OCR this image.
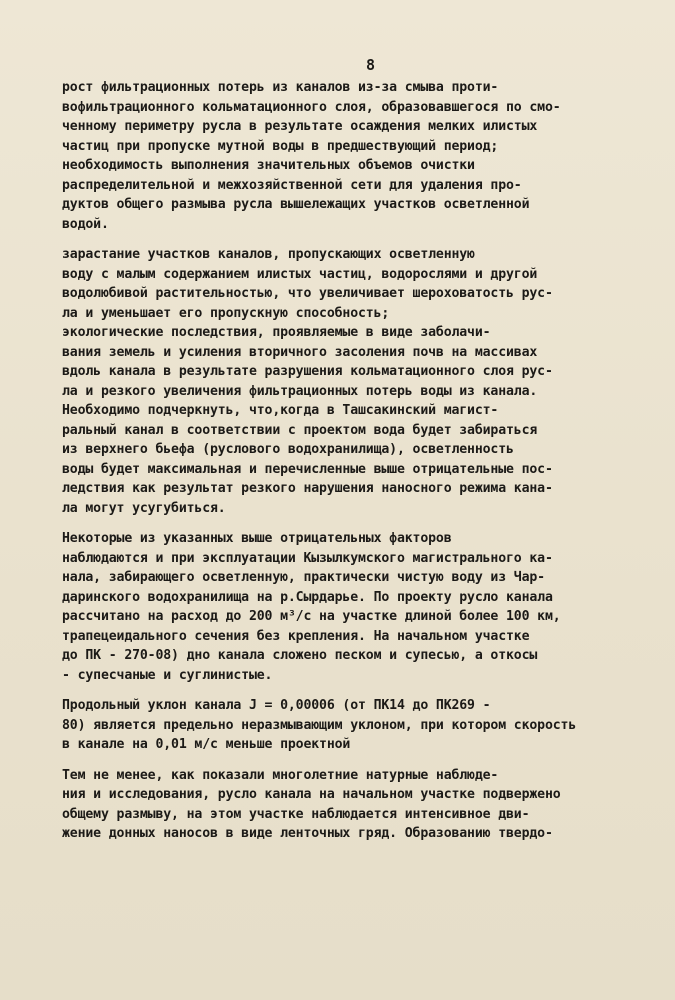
8
рост фильтрационных потерь из каналов из-за смыва проти-
вофильтрационного кольматационного слоя, образовавшегося по смо-
ченному периметру русла в результате осаждения мелких илистых
частиц при пропуске мутной воды в предшествующий период;
необходимость выполнения значительных объемов очистки
распределительной и межхозяйственной сети для удаления про-
дуктов общего размыва русла вышележащих участков осветленной
водой.
зарастание участков каналов, пропускающих осветленную
воду с малым содержанием илистых частиц, водорослями и другой
водолюбивой растительностью, что увеличивает шероховатость рус-
ла и уменьшает его пропускную способность;
экологические последствия, проявляемые в виде заболачи-
вания земель и усиления вторичного засоления почв на массивах
вдоль канала в результате разрушения кольматационного слоя рус-
ла и резкого увеличения фильтрационных потерь воды из канала.
Необходимо подчеркнуть, что,когда в Ташсакинский магист-
ральный канал в соответствии с проектом вода будет забираться
из верхнего бьефа (руслового водохранилища), осветленность
воды будет максимальная и перечисленные выше отрицательные пос-
ледствия как результат резкого нарушения наносного режима кана-
ла могут усугубиться.
Некоторые из указанных выше отрицательных факторов
наблюдаются и при эксплуатации Кызылкумского магистрального ка-
нала, забирающего осветленную, практически чистую воду из Чар-
даринского водохранилища на р.Сырдарье. По проекту русло канала
рассчитано на расход до 200 м³/с на участке длиной более 100 км,
трапецеидального сечения без крепления. На начальном участке
до ПК - 270-08) дно канала сложено песком и супесью, а откосы
- супесчаные и суглинистые.
Продольный уклон канала J = 0,00006 (от ПК14 до ПК269 -
80) является предельно неразмывающим уклоном, при котором скорость
в канале на 0,01 м/с меньше проектной
Тем не менее, как показали многолетние натурные наблюде-
ния и исследования, русло канала на начальном участке подвержено
общему размыву, на этом участке наблюдается интенсивное дви-
жение донных наносов в виде ленточных гряд. Образованию твердо-
